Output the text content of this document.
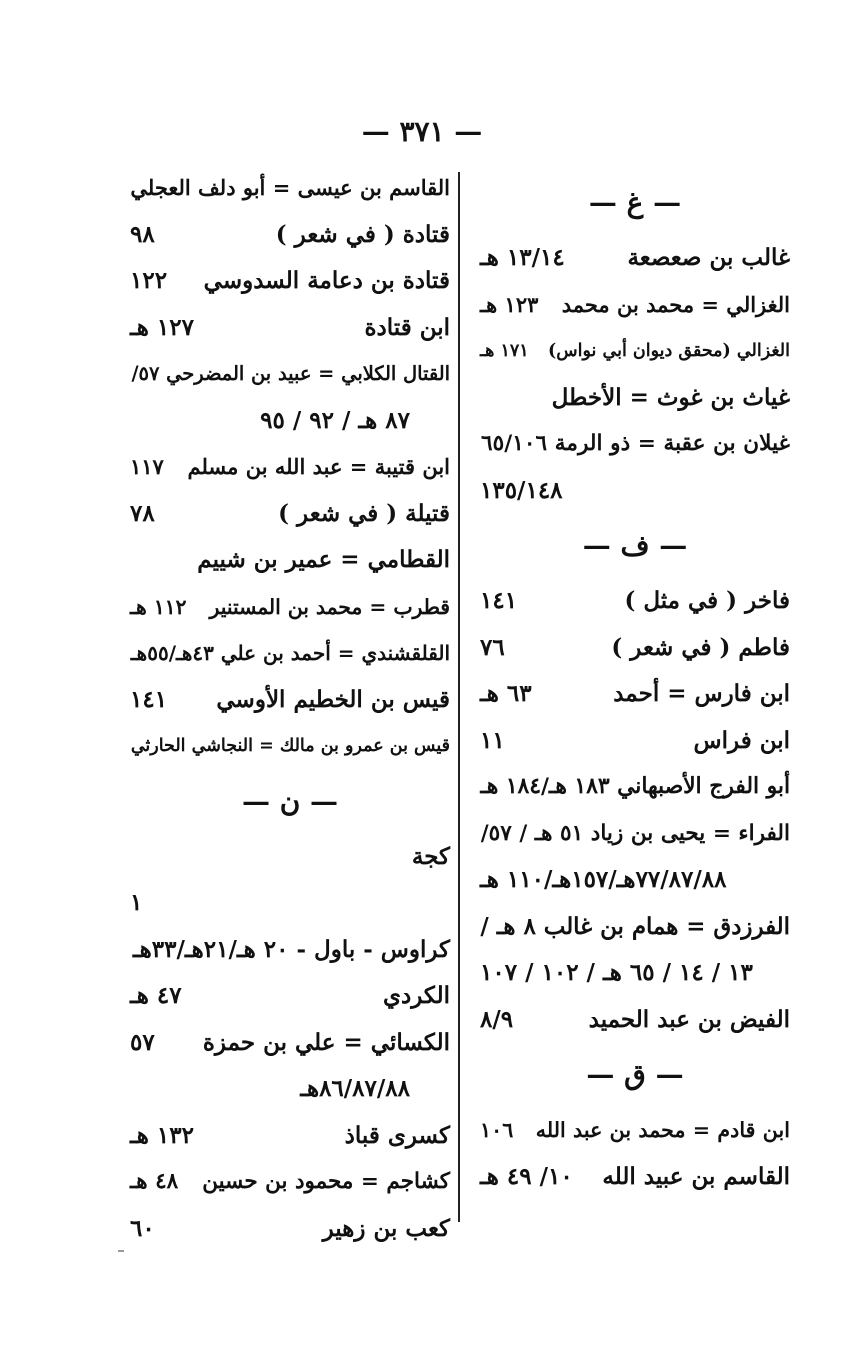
— ٣٧١ —
— غ —
غالب بن صعصعة
١٣/١٤ هـ
الغزالي = محمد بن محمد
١٢٣ هـ
الغزالي (محقق ديوان أبي نواس)
١٧١ هـ
غياث بن غوث = الأخطل
غيلان بن عقبة = ذو الرمة ٦٥/١٠٦
١٣٥/١٤٨
— ف —
فاخر ( في مثل )
١٤١
فاطم ( في شعر )
٧٦
ابن فارس = أحمد
٦٣ هـ
ابن فراس
١١
أبو الفرج الأصبهاني ١٨٣ هـ/١٨٤ هـ
الفراء = يحيى بن زياد ٥١ هـ / ٥٧/
٧٧/٨٧/٨٨هـ/١٥٧هـ/١١٠ هـ
الفرزدق = همام بن غالب ٨ هـ /
١٣ / ١٤ / ٦٥ هـ / ١٠٢ / ١٠٧
الفيض بن عبد الحميد
٨/٩
— ق —
ابن قادم = محمد بن عبد الله
١٠٦
القاسم بن عبيد الله
١٠/ ٤٩ هـ
القاسم بن عيسى = أبو دلف العجلي
قتادة ( في شعر )
٩٨
قتادة بن دعامة السدوسي
١٢٢
ابن قتادة
١٢٧ هـ
القتال الكلابي = عبيد بن المضرحي ٥٧/
٨٧ هـ / ٩٢ / ٩٥
ابن قتيبة = عبد الله بن مسلم
١١٧
قتيلة ( في شعر )
٧٨
القطامي = عمير بن شييم
قطرب = محمد بن المستنير
١١٢ هـ
القلقشندي = أحمد بن علي ٤٣هـ/٥٥هـ
قيس بن الخطيم الأوسي
١٤١
قيس بن عمرو بن مالك = النجاشي الحارثي
— ن —
كجة
١
كراوس - باول - ٢٠ هـ/٢١هـ/٣٣هـ
الكردي
٤٧ هـ
الكسائي = علي بن حمزة
٥٧
٨٦/٨٧/٨٨هـ
كسرى قباذ
١٣٢ هـ
كشاجم = محمود بن حسين
٤٨ هـ
كعب بن زهير
٦٠
